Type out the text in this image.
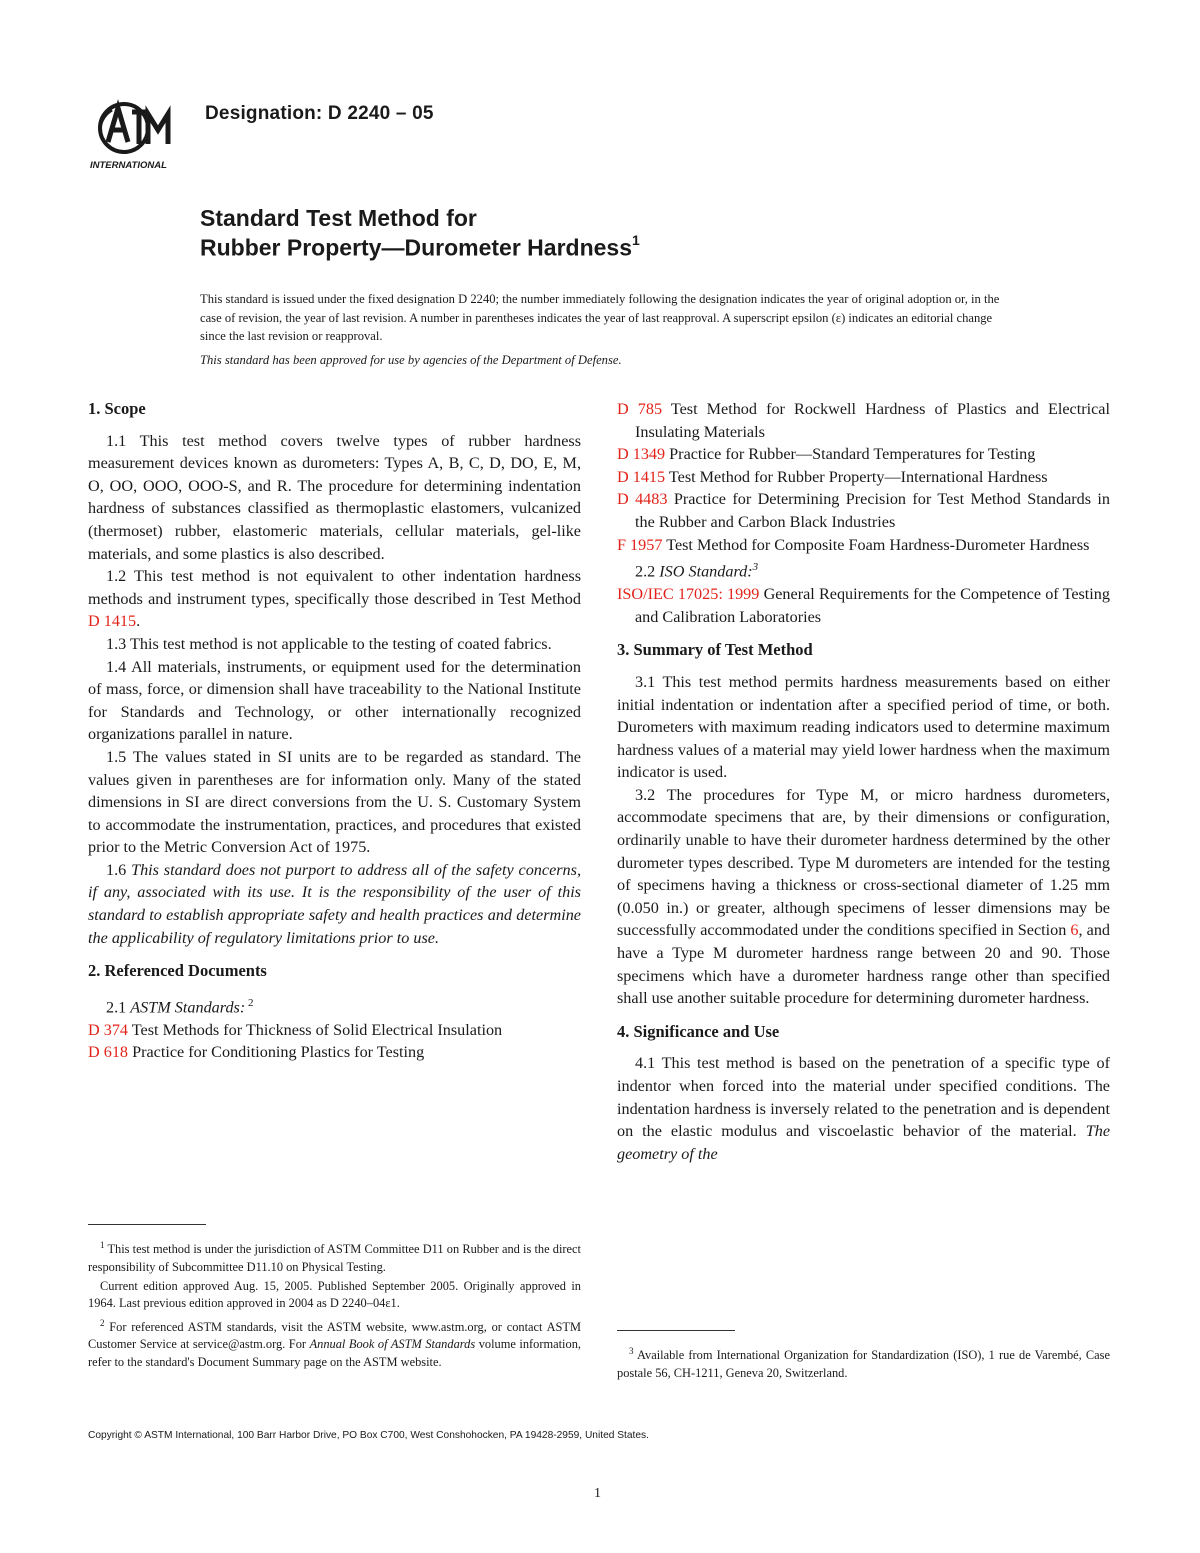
INTERNATIONAL
Designation: D 2240 – 05
Standard Test Method for
Rubber Property—Durometer Hardness$^1$
This standard is issued under the fixed designation D 2240; the number immediately following the designation indicates the year of original adoption or, in the case of revision, the year of last revision. A number in parentheses indicates the year of last reapproval. A superscript epsilon (ε) indicates an editorial change since the last revision or reapproval.
This standard has been approved for use by agencies of the Department of Defense.
1. Scope

1.1 This test method covers twelve types of rubber hardness measurement devices known as durometers: Types A, B, C, D, DO, E, M, O, OO, OOO, OOO-S, and R. The procedure for determining indentation hardness of substances classified as thermoplastic elastomers, vulcanized (thermoset) rubber, elastomeric materials, cellular materials, gel-like materials, and some plastics is also described.

1.2 This test method is not equivalent to other indentation hardness methods and instrument types, specifically those described in Test Method D 1415.

1.3 This test method is not applicable to the testing of coated fabrics.

1.4 All materials, instruments, or equipment used for the determination of mass, force, or dimension shall have traceability to the National Institute for Standards and Technology, or other internationally recognized organizations parallel in nature.

1.5 The values stated in SI units are to be regarded as standard. The values given in parentheses are for information only. Many of the stated dimensions in SI are direct conversions from the U. S. Customary System to accommodate the instrumentation, practices, and procedures that existed prior to the Metric Conversion Act of 1975.

1.6 This standard does not purport to address all of the safety concerns, if any, associated with its use. It is the responsibility of the user of this standard to establish appropriate safety and health practices and determine the applicability of regulatory limitations prior to use.

2. Referenced Documents

2.1 ASTM Standards: $^2$

D 374 Test Methods for Thickness of Solid Electrical Insulation

D 618 Practice for Conditioning Plastics for Testing

D 785 Test Method for Rockwell Hardness of Plastics and Electrical Insulating Materials

D 1349 Practice for Rubber—Standard Temperatures for Testing

D 1415 Test Method for Rubber Property—International Hardness

D 4483 Practice for Determining Precision for Test Method Standards in the Rubber and Carbon Black Industries

F 1957 Test Method for Composite Foam Hardness-Durometer Hardness

2.2 ISO Standard:$^3$

ISO/IEC 17025: 1999 General Requirements for the Competence of Testing and Calibration Laboratories

3. Summary of Test Method

3.1 This test method permits hardness measurements based on either initial indentation or indentation after a specified period of time, or both. Durometers with maximum reading indicators used to determine maximum hardness values of a material may yield lower hardness when the maximum indicator is used.

3.2 The procedures for Type M, or micro hardness durometers, accommodate specimens that are, by their dimensions or configuration, ordinarily unable to have their durometer hardness determined by the other durometer types described. Type M durometers are intended for the testing of specimens having a thickness or cross-sectional diameter of 1.25 mm (0.050 in.) or greater, although specimens of lesser dimensions may be successfully accommodated under the conditions specified in Section 6, and have a Type M durometer hardness range between 20 and 90. Those specimens which have a durometer hardness range other than specified shall use another suitable procedure for determining durometer hardness.

4. Significance and Use

4.1 This test method is based on the penetration of a specific type of indentor when forced into the material under specified conditions. The indentation hardness is inversely related to the penetration and is dependent on the elastic modulus and viscoelastic behavior of the material. The geometry of the

$^1$ This test method is under the jurisdiction of ASTM Committee D11 on Rubber and is the direct responsibility of Subcommittee D11.10 on Physical Testing.

Current edition approved Aug. 15, 2005. Published September 2005. Originally approved in 1964. Last previous edition approved in 2004 as D 2240–04ε1.

$^2$ For referenced ASTM standards, visit the ASTM website, www.astm.org, or contact ASTM Customer Service at service@astm.org. For Annual Book of ASTM Standards volume information, refer to the standard's Document Summary page on the ASTM website.

$^3$ Available from International Organization for Standardization (ISO), 1 rue de Varembé, Case postale 56, CH-1211, Geneva 20, Switzerland.

Copyright © ASTM International, 100 Barr Harbor Drive, PO Box C700, West Conshohocken, PA 19428-2959, United States.
1
